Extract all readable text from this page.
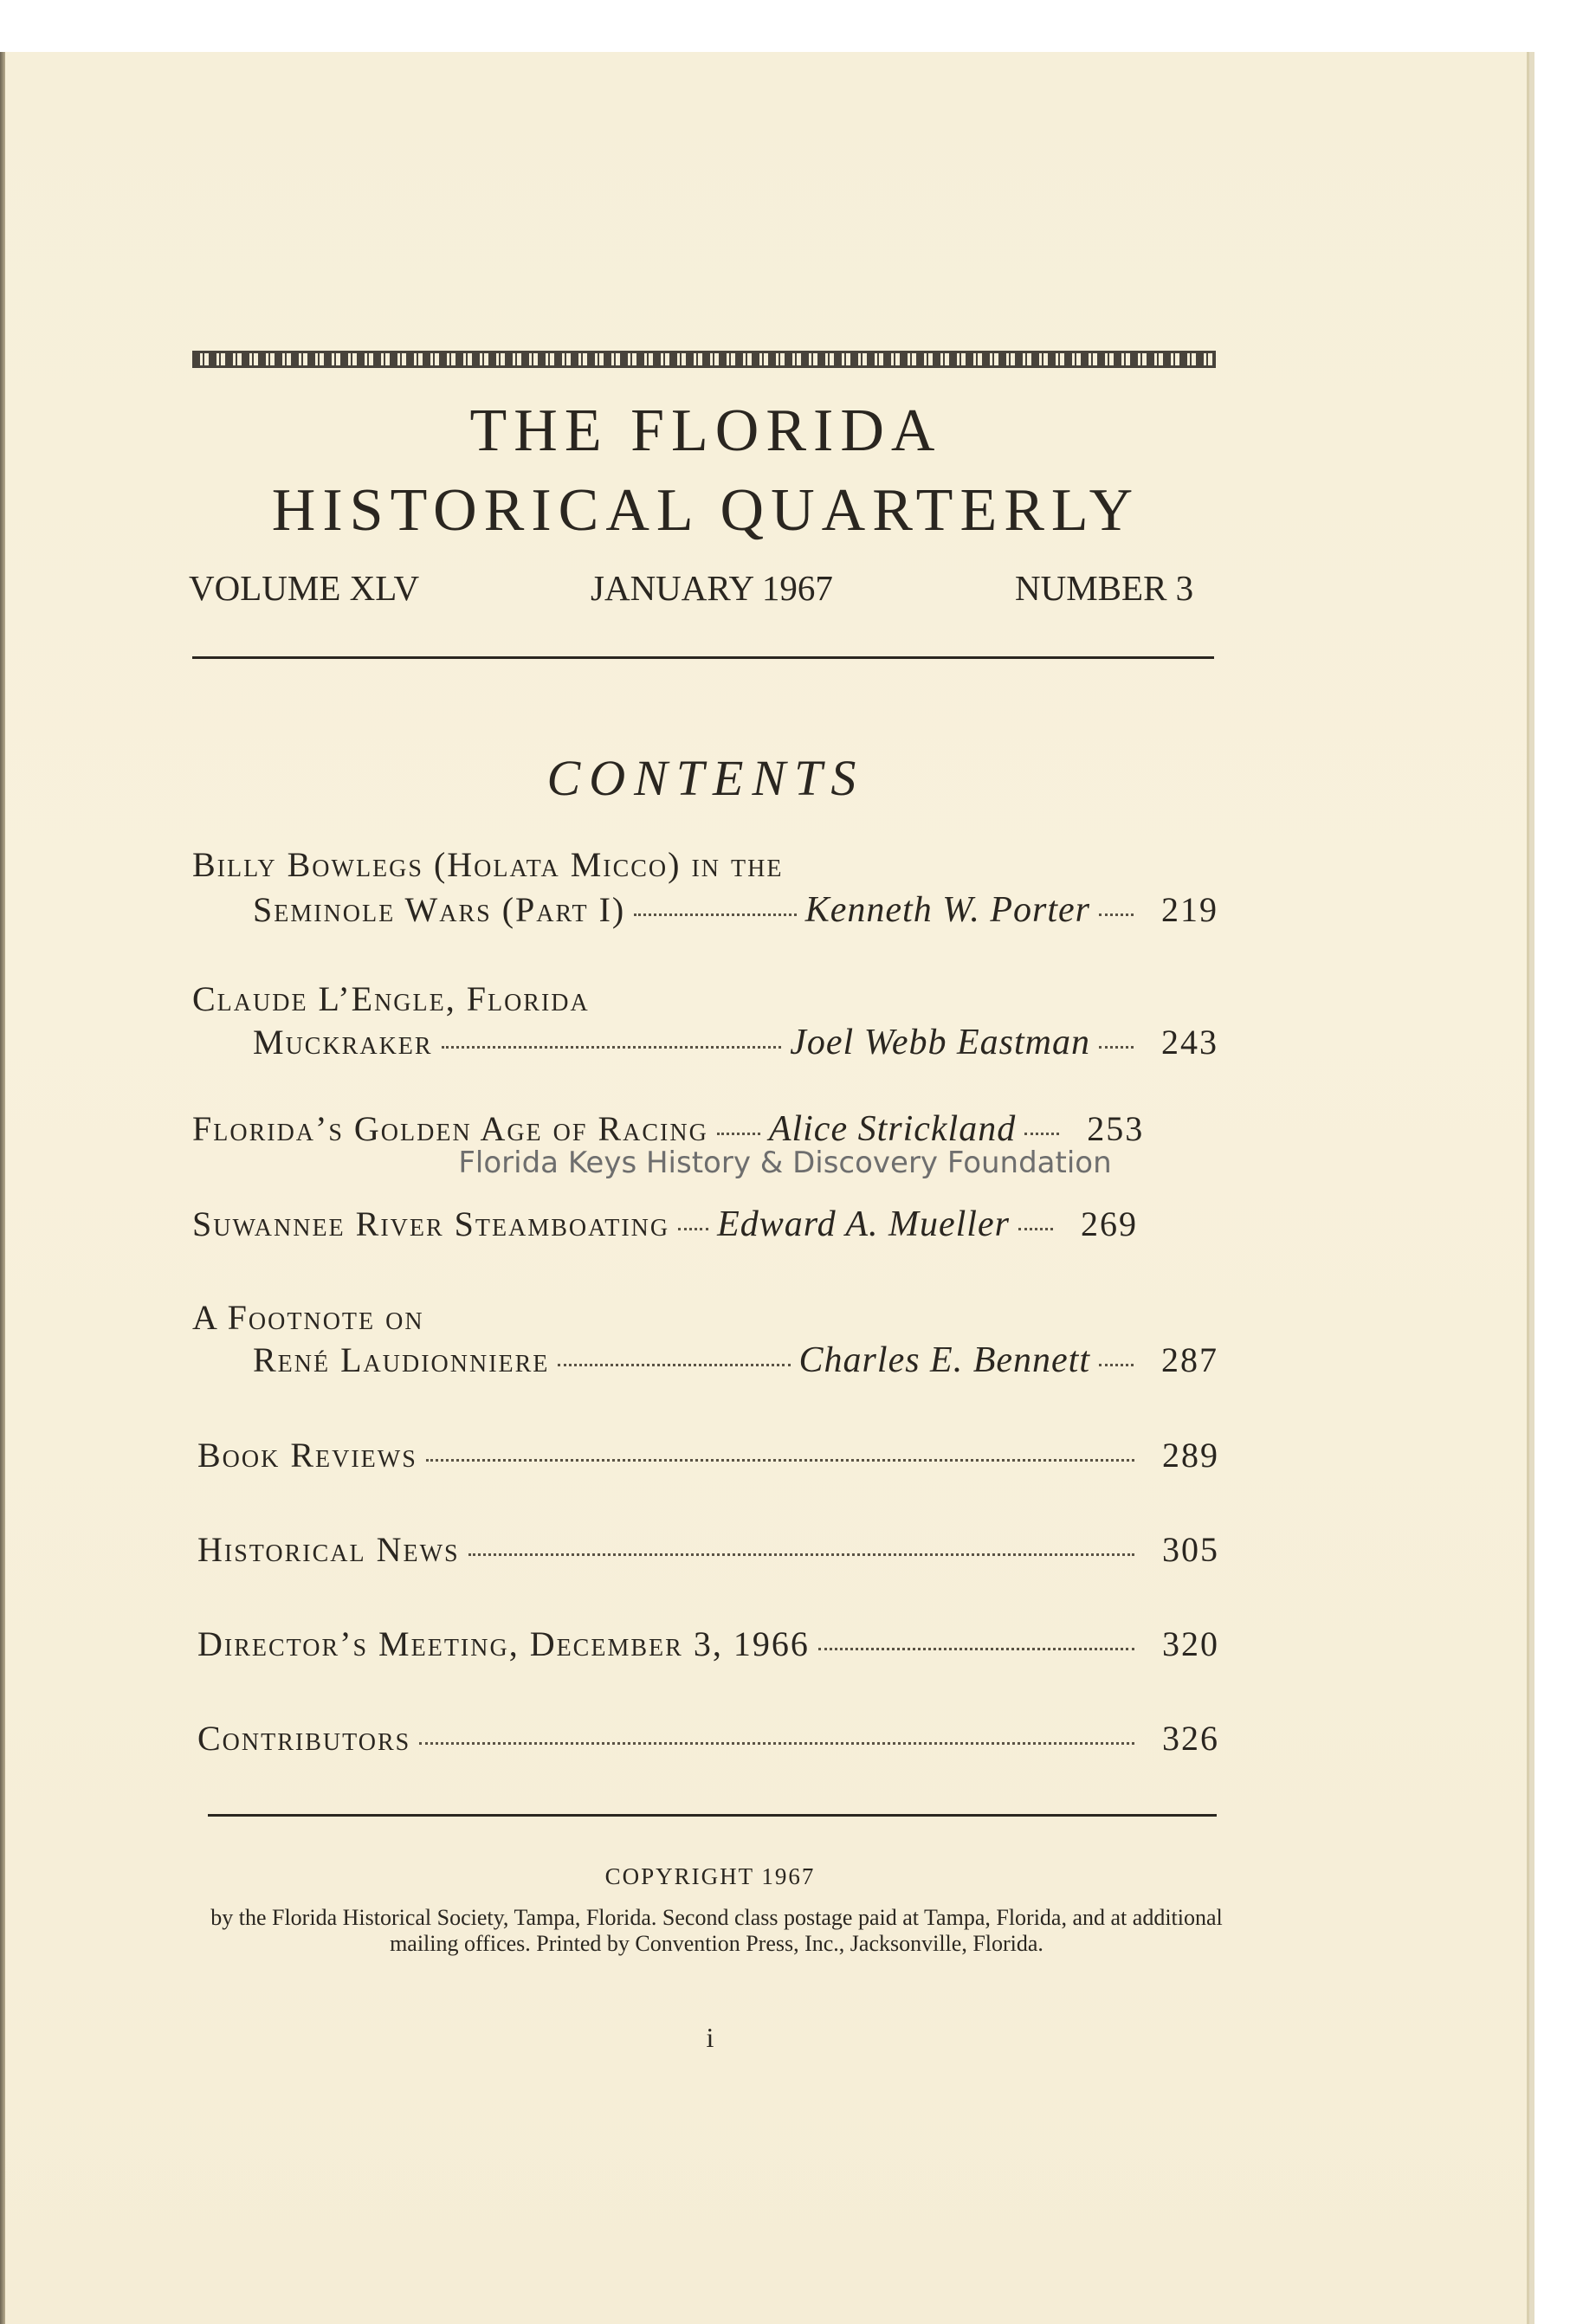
THE FLORIDA
HISTORICAL QUARTERLY
VOLUME XLV	JANUARY 1967	NUMBER 3
CONTENTS
Billy Bowlegs (Holata Micco) in the
Seminole Wars (Part I)	Kenneth W. Porter 219
Claude L’Engle, Florida
Muckraker	Joel Webb Eastman 243
Florida’s Golden Age of Racing Alice Strickland 253
Florida Keys History & Discovery Foundation
Suwannee River Steamboating Edward A. Mueller 269
A Footnote on
René Laudionniere	Charles E. Bennett 287
Book Reviews	289
Historical News	305
Director’s Meeting, December 3, 1966	320
Contributors	326
COPYRIGHT 1967
by the Florida Historical Society, Tampa, Florida. Second class postage paid at Tampa, Florida, and at additional mailing offices. Printed by Convention Press, Inc., Jacksonville, Florida.
i
